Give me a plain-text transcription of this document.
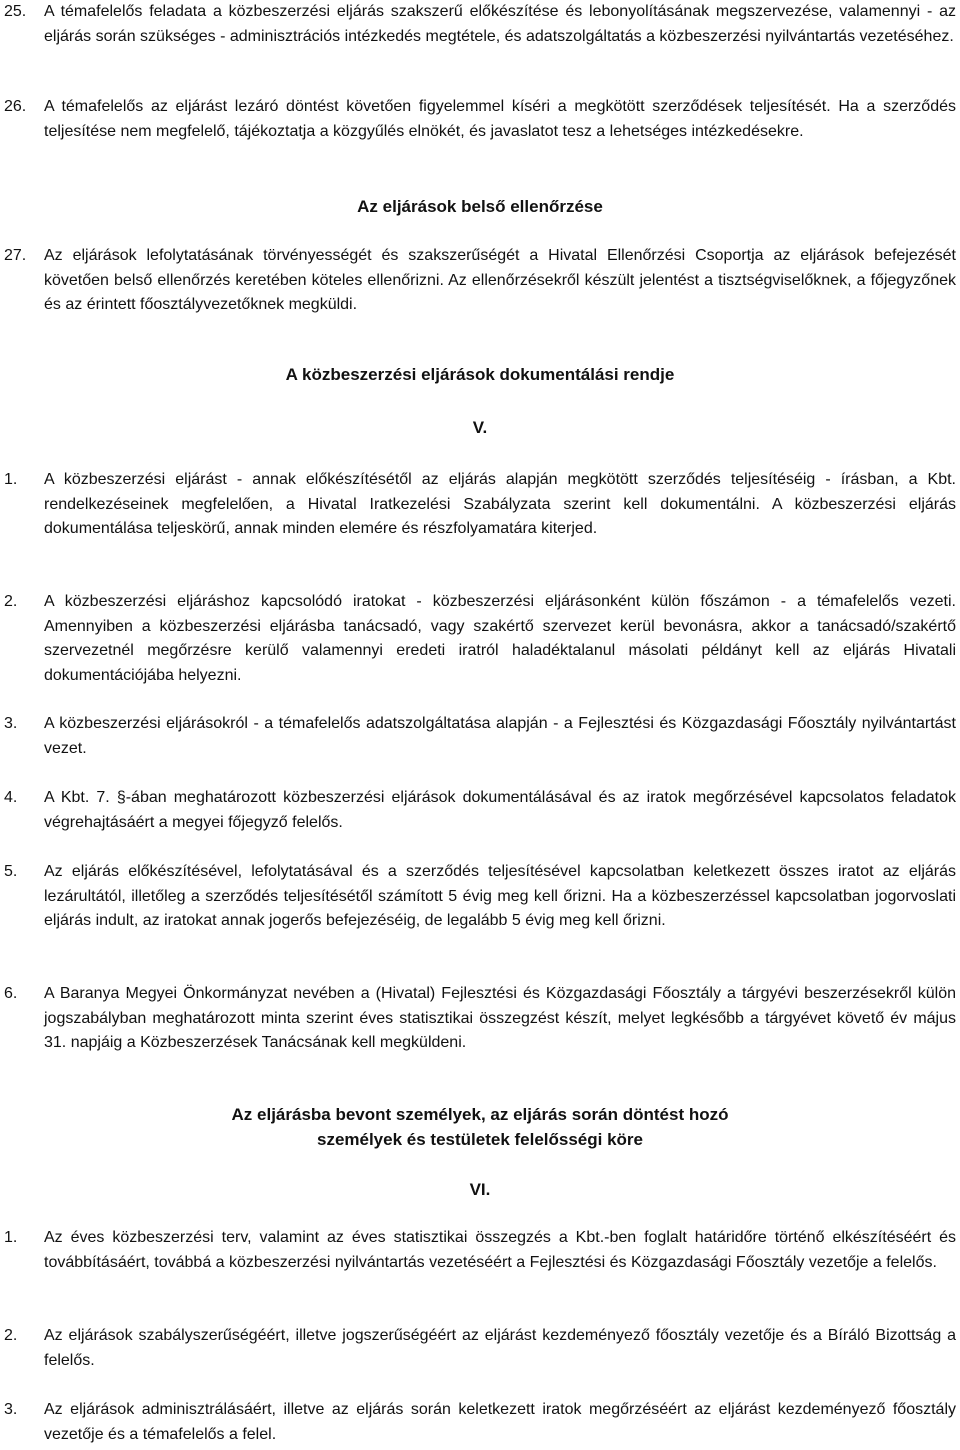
25. A témafelelős feladata a közbeszerzési eljárás szakszerű előkészítése és lebonyolításának megszervezése, valamennyi - az eljárás során szükséges - adminisztrációs intézkedés megtétele, és adatszolgáltatás a közbeszerzési nyilvántartás vezetéséhez.
26. A témafelelős az eljárást lezáró döntést követően figyelemmel kíséri a megkötött szerződések teljesítését. Ha a szerződés teljesítése nem megfelelő, tájékoztatja a közgyűlés elnökét, és javaslatot tesz a lehetséges intézkedésekre.
Az eljárások belső ellenőrzése
27. Az eljárások lefolytatásának törvényességét és szakszerűségét a Hivatal Ellenőrzési Csoportja az eljárások befejezését követően belső ellenőrzés keretében köteles ellenőrizni. Az ellenőrzésekről készült jelentést a tisztségviselőknek, a főjegyzőnek és az érintett főosztályvezetőknek megküldi.
A közbeszerzési eljárások dokumentálási rendje
V.
1. A közbeszerzési eljárást - annak előkészítésétől az eljárás alapján megkötött szerződés teljesítéséig - írásban, a Kbt. rendelkezéseinek megfelelően, a Hivatal Iratkezelési Szabályzata szerint kell dokumentálni. A közbeszerzési eljárás dokumentálása teljeskörű, annak minden elemére és részfolyamatára kiterjed.
2. A közbeszerzési eljáráshoz kapcsolódó iratokat - közbeszerzési eljárásonként külön főszámon - a témafelelős vezeti. Amennyiben a közbeszerzési eljárásba tanácsadó, vagy szakértő szervezet kerül bevonásra, akkor a tanácsadó/szakértő szervezetnél megőrzésre kerülő valamennyi eredeti iratról haladéktalanul másolati példányt kell az eljárás Hivatali dokumentációjába helyezni.
3. A közbeszerzési eljárásokról - a témafelelős adatszolgáltatása alapján - a Fejlesztési és Közgazdasági Főosztály nyilvántartást vezet.
4. A Kbt. 7. §-ában meghatározott közbeszerzési eljárások dokumentálásával és az iratok megőrzésével kapcsolatos feladatok végrehajtásáért a megyei főjegyző felelős.
5. Az eljárás előkészítésével, lefolytatásával és a szerződés teljesítésével kapcsolatban keletkezett összes iratot az eljárás lezárultától, illetőleg a szerződés teljesítésétől számított 5 évig meg kell őrizni. Ha a közbeszerzéssel kapcsolatban jogorvoslati eljárás indult, az iratokat annak jogerős befejezéséig, de legalább 5 évig meg kell őrizni.
6. A Baranya Megyei Önkormányzat nevében a (Hivatal) Fejlesztési és Közgazdasági Főosztály a tárgyévi beszerzésekről külön jogszabályban meghatározott minta szerint éves statisztikai összegzést készít, melyet legkésőbb a tárgyévet követő év május 31. napjáig a Közbeszerzések Tanácsának kell megküldeni.
Az eljárásba bevont személyek, az eljárás során döntést hozó
személyek és testületek felelősségi köre
VI.
1. Az éves közbeszerzési terv, valamint az éves statisztikai összegzés a Kbt.-ben foglalt határidőre történő elkészítéséért és továbbításáért, továbbá a közbeszerzési nyilvántartás vezetéséért a Fejlesztési és Közgazdasági Főosztály vezetője a felelős.
2. Az eljárások szabályszerűségéért, illetve jogszerűségéért az eljárást kezdeményező főosztály vezetője és a Bíráló Bizottság a felelős.
3. Az eljárások adminisztrálásáért, illetve az eljárás során keletkezett iratok megőrzéséért az eljárást kezdeményező főosztály vezetője és a témafelelős a felel.
